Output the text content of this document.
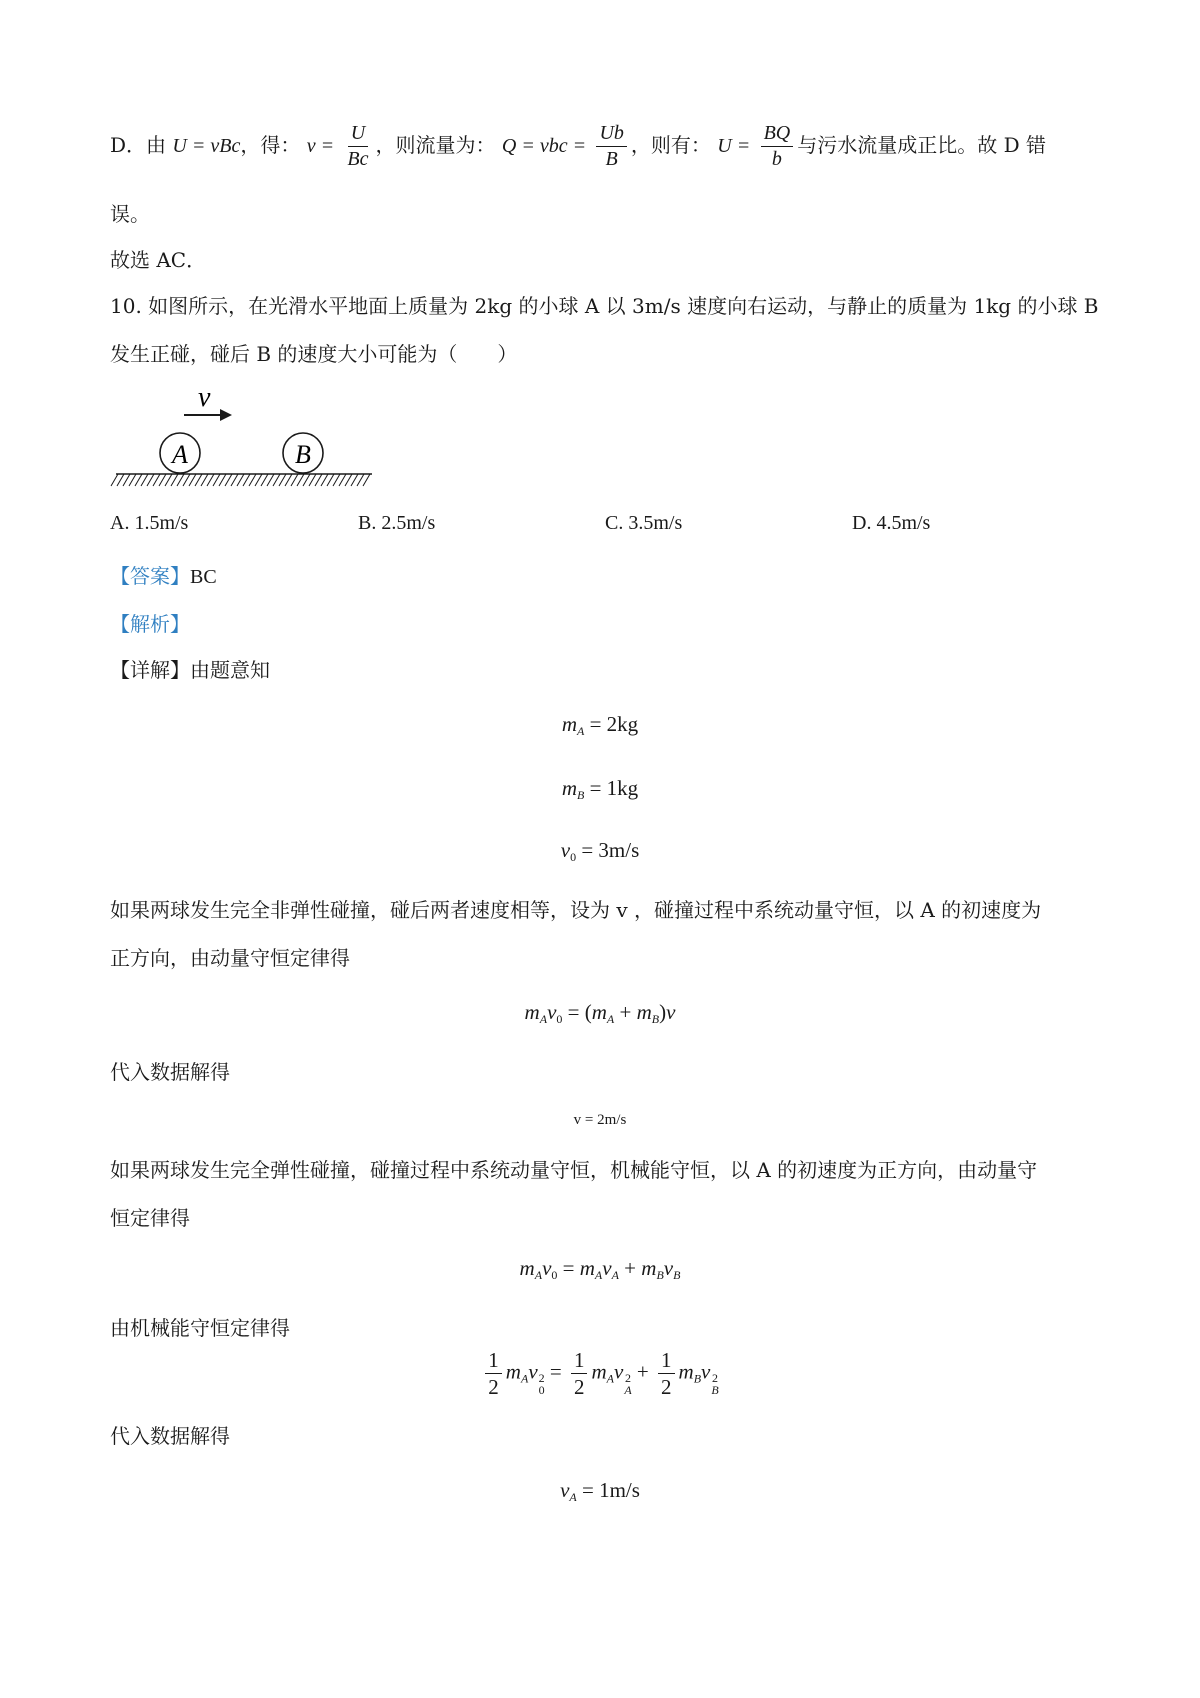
D．由 U = vBc，得： $v = \frac{U}{Bc}$ ，则流量为： Q = vbc = $\frac{Ub}{B}$ ，则有： $U = \frac{BQ}{b}$ 与污水流量成正比。故 D 错
误。
故选 AC．
10. 如图所示，在光滑水平地面上质量为 2kg 的小球 A 以 3m/s 速度向右运动，与静止的质量为 1kg 的小球 B
发生正碰，碰后 B 的速度大小可能为（　　）
v
A	B
A. 1.5m/s	B. 2.5m/s	C. 3.5m/s	D. 4.5m/s
【答案】BC
【解析】
【详解】由题意知
$m_A = 2kg$
$m_B = 1kg$
$v_0 = 3m/s$
如果两球发生完全非弹性碰撞，碰后两者速度相等，设为 v ，碰撞过程中系统动量守恒，以 A 的初速度为
正方向，由动量守恒定律得
$m_Av_0 = (m_A + m_B)v$
代入数据解得
v = 2m/s
如果两球发生完全弹性碰撞，碰撞过程中系统动量守恒，机械能守恒，以 A 的初速度为正方向，由动量守
恒定律得
$m_Av_0 = m_Av_A + m_Bv_B$
由机械能守恒定律得
$\frac{1}{2} m_Av$ 2
0
= $\frac{1}{2} m_Av$ 2
A
+ $\frac{1}{2} m_Bv$ 2
B
代入数据解得
$v_A = 1m/s$
